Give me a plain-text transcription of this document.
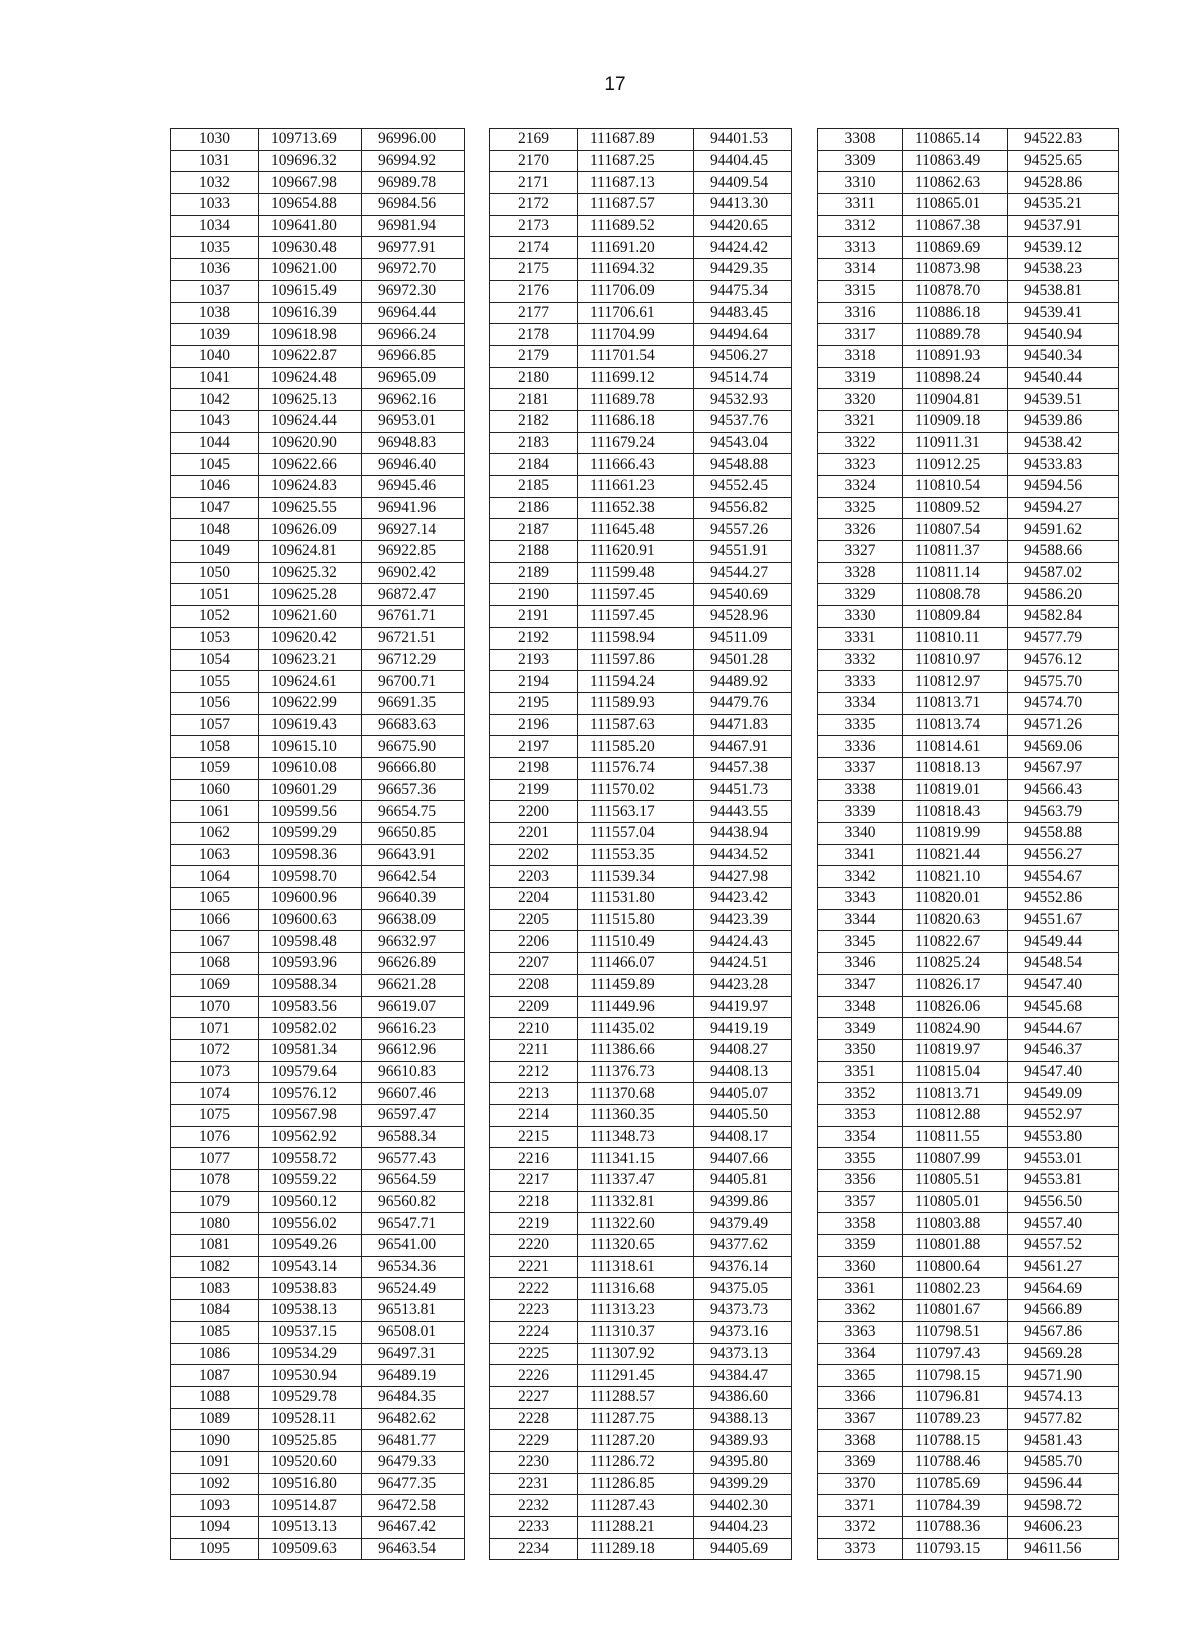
17
1030	109713.69	96996.00
1031	109696.32	96994.92
1032	109667.98	96989.78
1033	109654.88	96984.56
1034	109641.80	96981.94
1035	109630.48	96977.91
1036	109621.00	96972.70
1037	109615.49	96972.30
1038	109616.39	96964.44
1039	109618.98	96966.24
1040	109622.87	96966.85
1041	109624.48	96965.09
1042	109625.13	96962.16
1043	109624.44	96953.01
1044	109620.90	96948.83
1045	109622.66	96946.40
1046	109624.83	96945.46
1047	109625.55	96941.96
1048	109626.09	96927.14
1049	109624.81	96922.85
1050	109625.32	96902.42
1051	109625.28	96872.47
1052	109621.60	96761.71
1053	109620.42	96721.51
1054	109623.21	96712.29
1055	109624.61	96700.71
1056	109622.99	96691.35
1057	109619.43	96683.63
1058	109615.10	96675.90
1059	109610.08	96666.80
1060	109601.29	96657.36
1061	109599.56	96654.75
1062	109599.29	96650.85
1063	109598.36	96643.91
1064	109598.70	96642.54
1065	109600.96	96640.39
1066	109600.63	96638.09
1067	109598.48	96632.97
1068	109593.96	96626.89
1069	109588.34	96621.28
1070	109583.56	96619.07
1071	109582.02	96616.23
1072	109581.34	96612.96
1073	109579.64	96610.83
1074	109576.12	96607.46
1075	109567.98	96597.47
1076	109562.92	96588.34
1077	109558.72	96577.43
1078	109559.22	96564.59
1079	109560.12	96560.82
1080	109556.02	96547.71
1081	109549.26	96541.00
1082	109543.14	96534.36
1083	109538.83	96524.49
1084	109538.13	96513.81
1085	109537.15	96508.01
1086	109534.29	96497.31
1087	109530.94	96489.19
1088	109529.78	96484.35
1089	109528.11	96482.62
1090	109525.85	96481.77
1091	109520.60	96479.33
1092	109516.80	96477.35
1093	109514.87	96472.58
1094	109513.13	96467.42
1095	109509.63	96463.54
2169	111687.89	94401.53
2170	111687.25	94404.45
2171	111687.13	94409.54
2172	111687.57	94413.30
2173	111689.52	94420.65
2174	111691.20	94424.42
2175	111694.32	94429.35
2176	111706.09	94475.34
2177	111706.61	94483.45
2178	111704.99	94494.64
2179	111701.54	94506.27
2180	111699.12	94514.74
2181	111689.78	94532.93
2182	111686.18	94537.76
2183	111679.24	94543.04
2184	111666.43	94548.88
2185	111661.23	94552.45
2186	111652.38	94556.82
2187	111645.48	94557.26
2188	111620.91	94551.91
2189	111599.48	94544.27
2190	111597.45	94540.69
2191	111597.45	94528.96
2192	111598.94	94511.09
2193	111597.86	94501.28
2194	111594.24	94489.92
2195	111589.93	94479.76
2196	111587.63	94471.83
2197	111585.20	94467.91
2198	111576.74	94457.38
2199	111570.02	94451.73
2200	111563.17	94443.55
2201	111557.04	94438.94
2202	111553.35	94434.52
2203	111539.34	94427.98
2204	111531.80	94423.42
2205	111515.80	94423.39
2206	111510.49	94424.43
2207	111466.07	94424.51
2208	111459.89	94423.28
2209	111449.96	94419.97
2210	111435.02	94419.19
2211	111386.66	94408.27
2212	111376.73	94408.13
2213	111370.68	94405.07
2214	111360.35	94405.50
2215	111348.73	94408.17
2216	111341.15	94407.66
2217	111337.47	94405.81
2218	111332.81	94399.86
2219	111322.60	94379.49
2220	111320.65	94377.62
2221	111318.61	94376.14
2222	111316.68	94375.05
2223	111313.23	94373.73
2224	111310.37	94373.16
2225	111307.92	94373.13
2226	111291.45	94384.47
2227	111288.57	94386.60
2228	111287.75	94388.13
2229	111287.20	94389.93
2230	111286.72	94395.80
2231	111286.85	94399.29
2232	111287.43	94402.30
2233	111288.21	94404.23
2234	111289.18	94405.69
3308	110865.14	94522.83
3309	110863.49	94525.65
3310	110862.63	94528.86
3311	110865.01	94535.21
3312	110867.38	94537.91
3313	110869.69	94539.12
3314	110873.98	94538.23
3315	110878.70	94538.81
3316	110886.18	94539.41
3317	110889.78	94540.94
3318	110891.93	94540.34
3319	110898.24	94540.44
3320	110904.81	94539.51
3321	110909.18	94539.86
3322	110911.31	94538.42
3323	110912.25	94533.83
3324	110810.54	94594.56
3325	110809.52	94594.27
3326	110807.54	94591.62
3327	110811.37	94588.66
3328	110811.14	94587.02
3329	110808.78	94586.20
3330	110809.84	94582.84
3331	110810.11	94577.79
3332	110810.97	94576.12
3333	110812.97	94575.70
3334	110813.71	94574.70
3335	110813.74	94571.26
3336	110814.61	94569.06
3337	110818.13	94567.97
3338	110819.01	94566.43
3339	110818.43	94563.79
3340	110819.99	94558.88
3341	110821.44	94556.27
3342	110821.10	94554.67
3343	110820.01	94552.86
3344	110820.63	94551.67
3345	110822.67	94549.44
3346	110825.24	94548.54
3347	110826.17	94547.40
3348	110826.06	94545.68
3349	110824.90	94544.67
3350	110819.97	94546.37
3351	110815.04	94547.40
3352	110813.71	94549.09
3353	110812.88	94552.97
3354	110811.55	94553.80
3355	110807.99	94553.01
3356	110805.51	94553.81
3357	110805.01	94556.50
3358	110803.88	94557.40
3359	110801.88	94557.52
3360	110800.64	94561.27
3361	110802.23	94564.69
3362	110801.67	94566.89
3363	110798.51	94567.86
3364	110797.43	94569.28
3365	110798.15	94571.90
3366	110796.81	94574.13
3367	110789.23	94577.82
3368	110788.15	94581.43
3369	110788.46	94585.70
3370	110785.69	94596.44
3371	110784.39	94598.72
3372	110788.36	94606.23
3373	110793.15	94611.56
